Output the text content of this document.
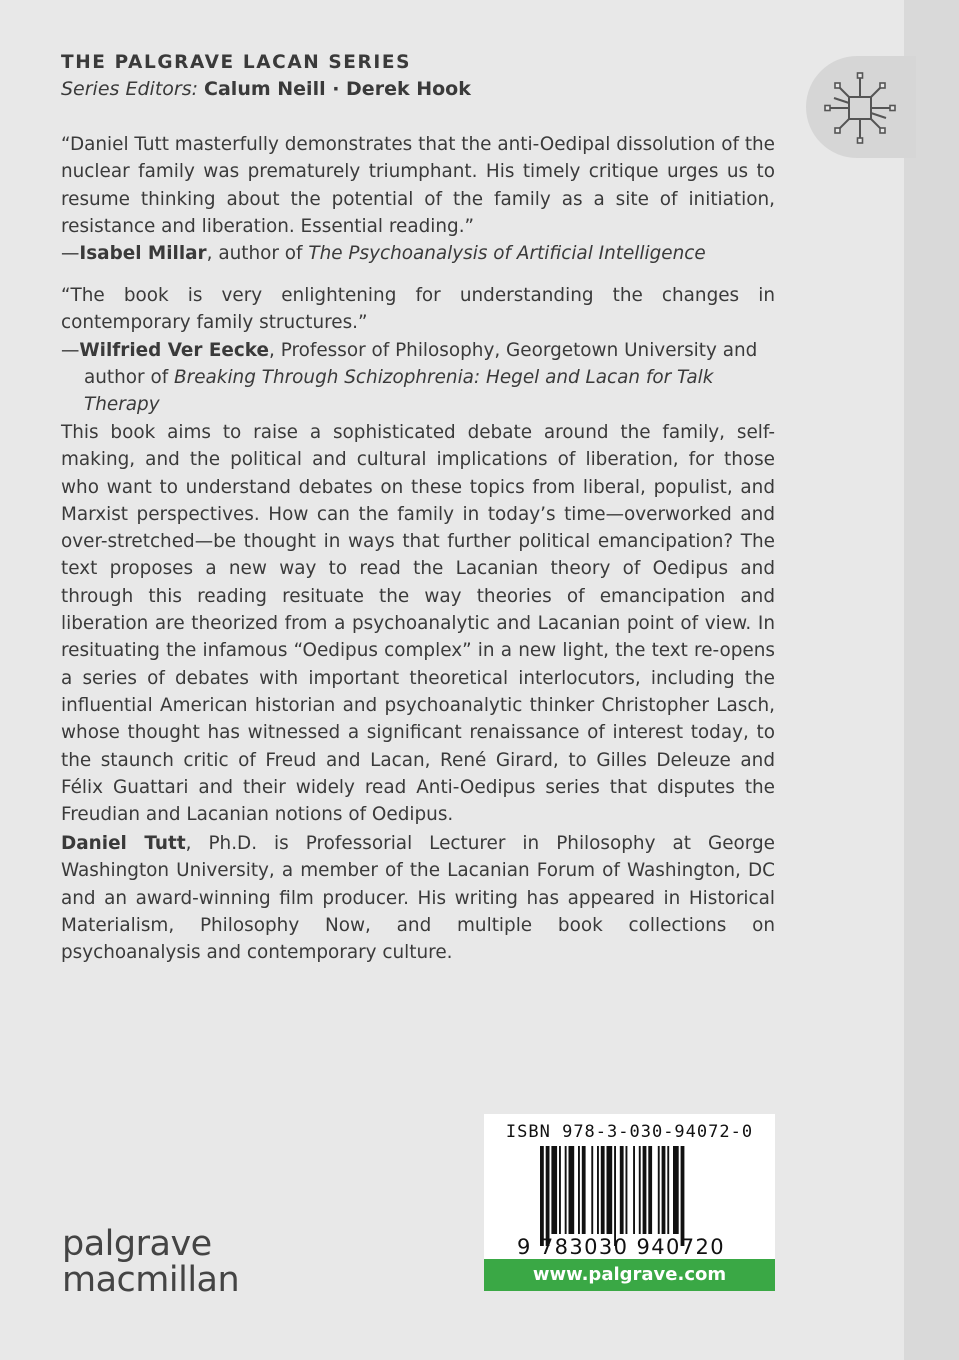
THE PALGRAVE LACAN SERIES
Series Editors: Calum Neill · Derek Hook
“Daniel Tutt masterfully demonstrates that the anti-Oedipal dissolution of the nuclear family was prematurely triumphant. His timely critique urges us to resume thinking about the potential of the family as a site of initiation, resistance and liberation. Essential reading.”

—Isabel Millar, author of The Psychoanalysis of Artificial Intelligence

“The book is very enlightening for understanding the changes in contemporary family structures.”

—Wilfried Ver Eecke, Professor of Philosophy, Georgetown University and
author of Breaking Through Schizophrenia: Hegel and Lacan for Talk Therapy

This book aims to raise a sophisticated debate around the family, self-making, and the political and cultural implications of liberation, for those who want to understand debates on these topics from liberal, populist, and Marxist perspectives. How can the family in today’s time—overworked and over-stretched—be thought in ways that further political emancipation? The text proposes a new way to read the Lacanian theory of Oedipus and through this reading resituate the way theories of emancipation and liberation are theorized from a psychoanalytic and Lacanian point of view. In resituating the infamous “Oedipus complex” in a new light, the text re-opens a series of debates with important theoretical interlocutors, including the influential American historian and psychoanalytic thinker Christopher Lasch, whose thought has witnessed a significant renaissance of interest today, to the staunch critic of Freud and Lacan, René Girard, to Gilles Deleuze and Félix Guattari and their widely read Anti-Oedipus series that disputes the Freudian and Lacanian notions of Oedipus.
Daniel Tutt, Ph.D. is Professorial Lecturer in Philosophy at George Washington University, a member of the Lacanian Forum of Washington, DC and an award-winning film producer. His writing has appeared in Historical Materialism, Philosophy Now, and multiple book collections on psychoanalysis and contemporary culture.
ISBN 978-3-030-94072-0
9 783030 940720
www.palgrave.com
palgrave
macmillan
